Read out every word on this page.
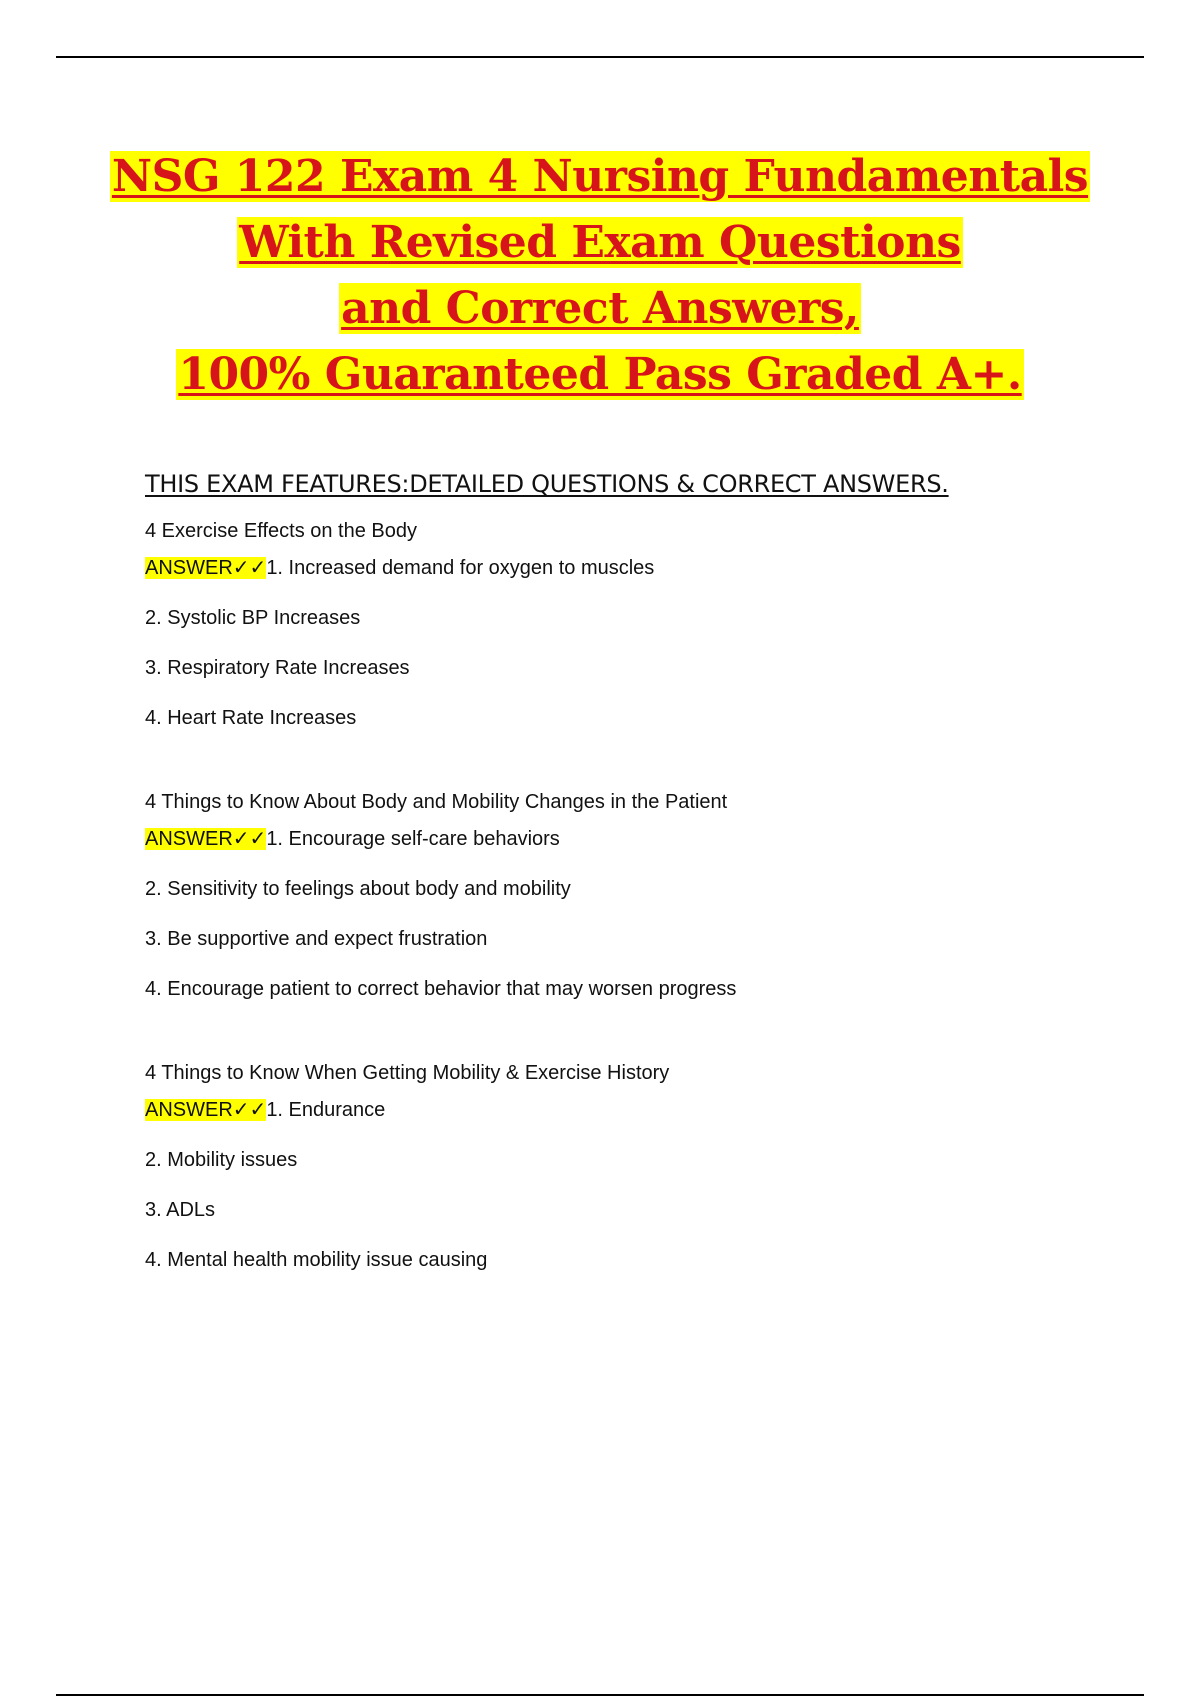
NSG 122 Exam 4 Nursing Fundamentals
With Revised Exam Questions
and Correct Answers,
100% Guaranteed Pass Graded A+.
THIS EXAM FEATURES:DETAILED QUESTIONS & CORRECT ANSWERS.
4 Exercise Effects on the Body
ANSWER✓✓1. Increased demand for oxygen to muscles
2. Systolic BP Increases
3. Respiratory Rate Increases
4. Heart Rate Increases
4 Things to Know About Body and Mobility Changes in the Patient
ANSWER✓✓1. Encourage self-care behaviors
2. Sensitivity to feelings about body and mobility
3. Be supportive and expect frustration
4. Encourage patient to correct behavior that may worsen progress
4 Things to Know When Getting Mobility & Exercise History
ANSWER✓✓1. Endurance
2. Mobility issues
3. ADLs
4. Mental health mobility issue causing
